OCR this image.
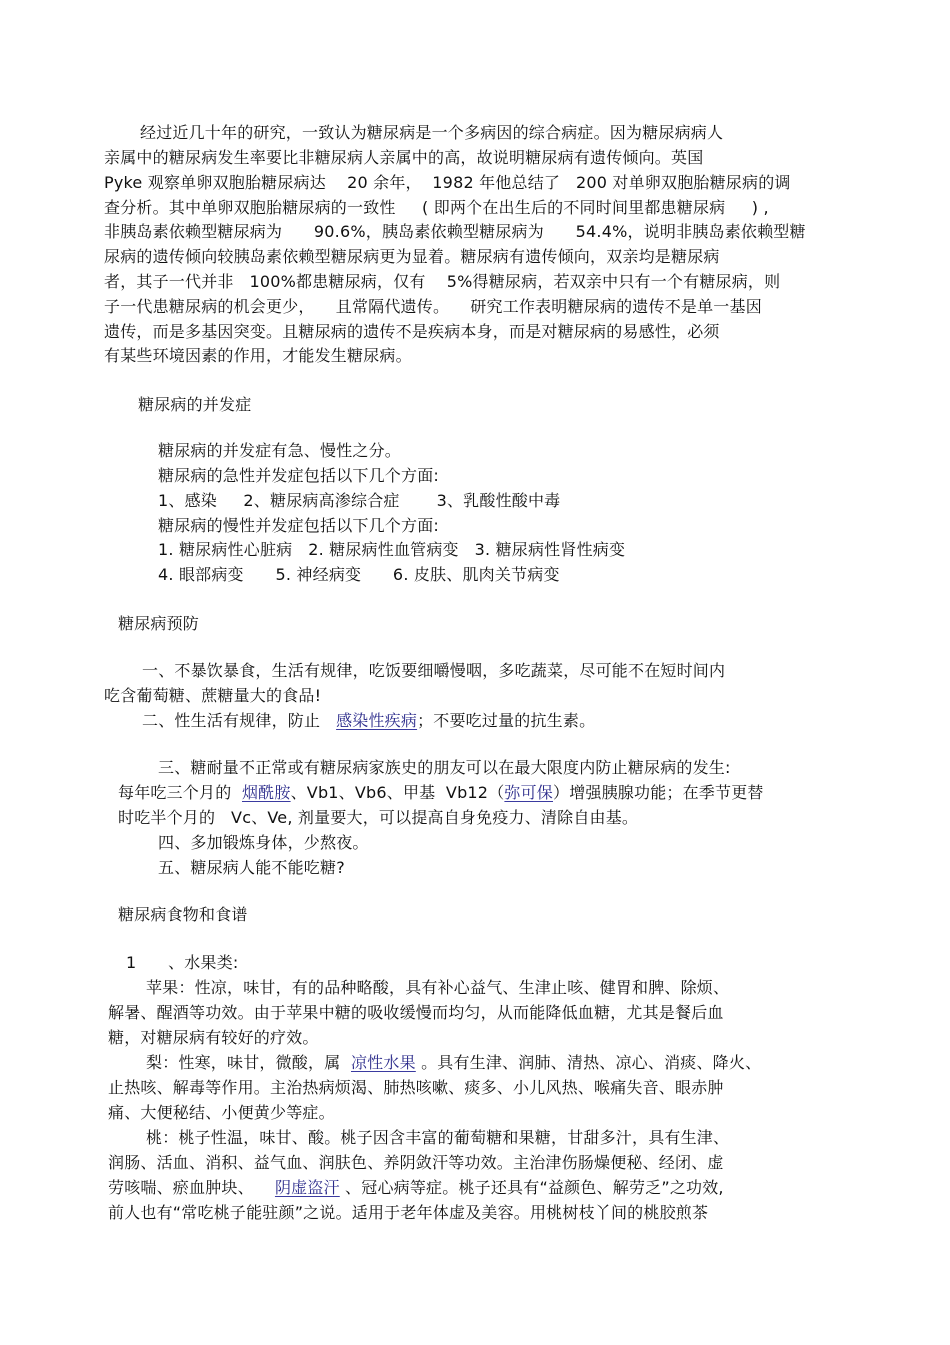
经过近几十年的研究，一致认为糖尿病是一个多病因的综合病症。因为糖尿病病人
亲属中的糖尿病发生率要比非糖尿病人亲属中的高，故说明糖尿病有遗传倾向。英国
Pyke 观察单卵双胞胎糖尿病达    20 余年，  1982 年他总结了   200 对单卵双胞胎糖尿病的调
查分析。其中单卵双胞胎糖尿病的一致性     ( 即两个在出生后的不同时间里都患糖尿病     ) ,
非胰岛素依赖型糖尿病为      90.6%，胰岛素依赖型糖尿病为      54.4%，说明非胰岛素依赖型糖
尿病的遗传倾向较胰岛素依赖型糖尿病更为显着。糖尿病有遗传倾向，双亲均是糖尿病
者，其子一代并非   100%都患糖尿病，仅有    5%得糖尿病，若双亲中只有一个有糖尿病，则
子一代患糖尿病的机会更少，    且常隔代遗传。    研究工作表明糖尿病的遗传不是单一基因
遗传，而是多基因突变。且糖尿病的遗传不是疾病本身，而是对糖尿病的易感性，必须
有某些环境因素的作用，才能发生糖尿病。
糖尿病的并发症
糖尿病的并发症有急、慢性之分。
糖尿病的急性并发症包括以下几个方面:
1、感染     2、糖尿病高渗综合症       3、乳酸性酸中毒
糖尿病的慢性并发症包括以下几个方面:
1. 糖尿病性心脏病   2. 糖尿病性血管病变   3. 糖尿病性肾性病变
4. 眼部病变      5. 神经病变      6. 皮肤、肌肉关节病变
糖尿病预防
一、不暴饮暴食，生活有规律，吃饭要细嚼慢咽，多吃蔬菜，尽可能不在短时间内
吃含葡萄糖、蔗糖量大的食品!
二、性生活有规律，防止   感染性疾病；不要吃过量的抗生素。
三、糖耐量不正常或有糖尿病家族史的朋友可以在最大限度内防止糖尿病的发生:
每年吃三个月的  烟酰胺、Vb1、Vb6、甲基  Vb12（弥可保）增强胰腺功能；在季节更替
时吃半个月的   Vc、Ve, 剂量要大，可以提高自身免疫力、清除自由基。
四、多加锻炼身体，少熬夜。
五、糖尿病人能不能吃糖?
糖尿病食物和食谱
1      、水果类:
苹果：性凉，味甘，有的品种略酸，具有补心益气、生津止咳、健胃和脾、除烦、
解暑、醒酒等功效。由于苹果中糖的吸收缓慢而均匀，从而能降低血糖，尤其是餐后血
糖，对糖尿病有较好的疗效。
梨：性寒，味甘，微酸，属  凉性水果 。具有生津、润肺、清热、凉心、消痰、降火、
止热咳、解毒等作用。主治热病烦渴、肺热咳嗽、痰多、小儿风热、喉痛失音、眼赤肿
痛、大便秘结、小便黄少等症。
桃：桃子性温，味甘、酸。桃子因含丰富的葡萄糖和果糖，甘甜多汁，具有生津、
润肠、活血、消积、益气血、润肤色、养阴敛汗等功效。主治津伤肠燥便秘、经闭、虚
劳咳喘、瘀血肿块、    阴虚盗汗 、冠心病等症。桃子还具有“益颜色、解劳乏”之功效,
前人也有“常吃桃子能驻颜”之说。适用于老年体虚及美容。用桃树枝丫间的桃胶煎茶
